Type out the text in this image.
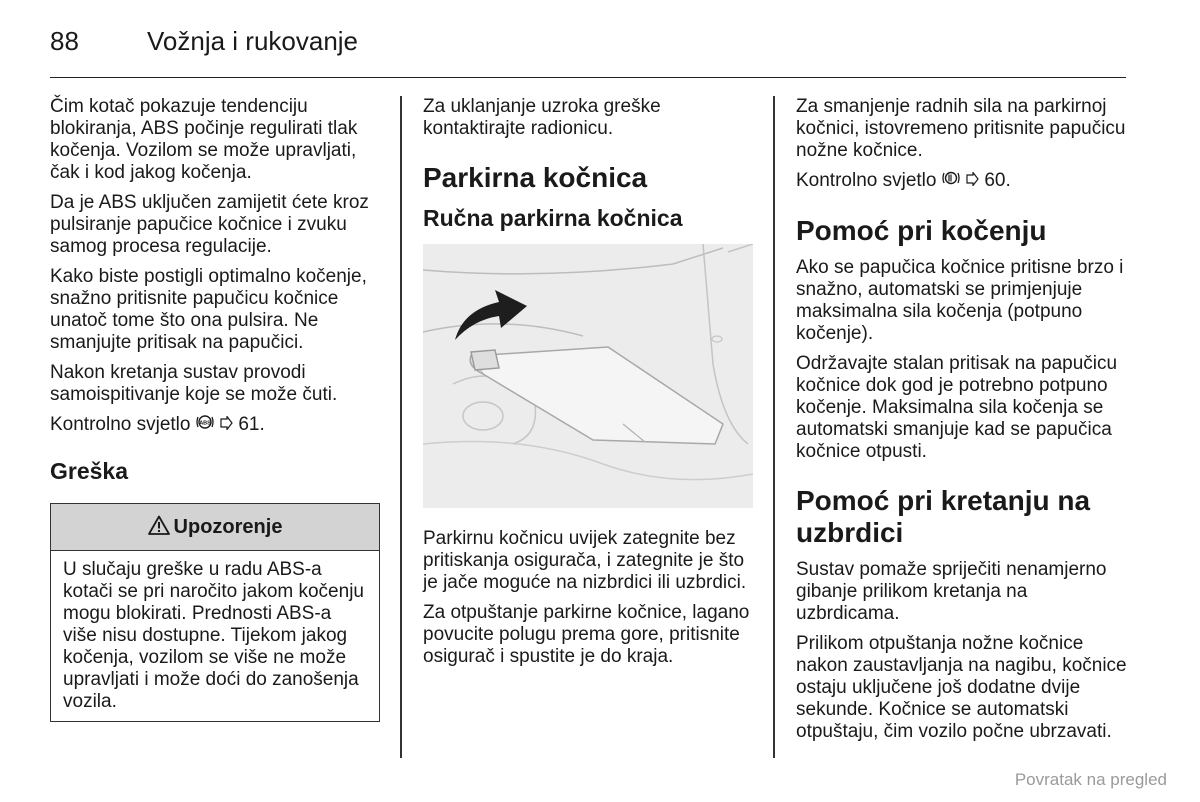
88	Vožnja i rukovanje

Čim kotač pokazuje tendenciju blokiranja, ABS počinje regulirati tlak kočenja. Vozilom se može upravljati, čak i kod jakog kočenja.

Da je ABS uključen zamijetit ćete kroz pulsiranje papučice kočnice i zvuku samog procesa regulacije.

Kako biste postigli optimalno kočenje, snažno pritisnite papučicu kočnice unatoč tome što ona pulsira. Ne smanjujte pritisak na papučici.

Nakon kretanja sustav provodi samoispitivanje koje se može čuti.

Kontrolno svjetlo ABS 61.

Greška
Upozorenje
U slučaju greške u radu ABS-a kotači se pri naročito jakom kočenju mogu blokirati. Prednosti ABS-a više nisu dostupne. Tijekom jakog kočenja, vozilom se više ne može upravljati i može doći do zanošenja vozila.

Za uklanjanje uzroka greške kontaktirajte radionicu.

Parkirna kočnica
Ručna parkirna kočnica

Parkirnu kočnicu uvijek zategnite bez pritiskanja osigurača, i zategnite je što je jače moguće na nizbrdici ili uzbrdici.

Za otpuštanje parkirne kočnice, lagano povucite polugu prema gore, pritisnite osigurač i spustite je do kraja.

Za smanjenje radnih sila na parkirnoj kočnici, istovremeno pritisnite papučicu nožne kočnice.

Kontrolno svjetlo	60.

Pomoć pri kočenju

Ako se papučica kočnice pritisne brzo i snažno, automatski se primjenjuje maksimalna sila kočenja (potpuno kočenje).

Održavajte stalan pritisak na papučicu kočnice dok god je potrebno potpuno kočenje. Maksimalna sila kočenja se automatski smanjuje kad se papučica kočnice otpusti.

Pomoć pri kretanju na uzbrdici

Sustav pomaže spriječiti nenamjerno gibanje prilikom kretanja na uzbrdicama.

Prilikom otpuštanja nožne kočnice nakon zaustavljanja na nagibu, kočnice ostaju uključene još dodatne dvije sekunde. Kočnice se automatski otpuštaju, čim vozilo počne ubrzavati.

Povratak na pregled
